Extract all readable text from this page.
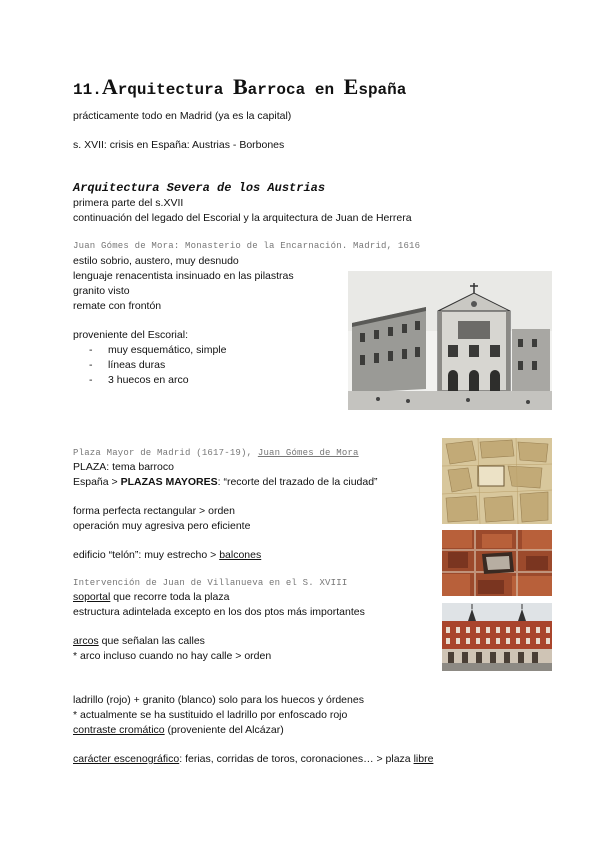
11.Arquitectura Barroca en España
prácticamente todo en Madrid (ya es la capital)
s. XVII: crisis en España: Austrias - Borbones
Arquitectura Severa de los Austrias
primera parte del s.XVII
continuación del legado del Escorial y la arquitectura de Juan de Herrera
Juan Gómes de Mora: Monasterio de la Encarnación. Madrid, 1616
estilo sobrio, austero, muy desnudo
lenguaje renacentista insinuado en las pilastras
granito visto
remate con frontón
proveniente del Escorial:
- muy esquemático, simple
- líneas duras
- 3 huecos en arco
Plaza Mayor de Madrid (1617-19), Juan Gómes de Mora
PLAZA: tema barroco
España > PLAZAS MAYORES: “recorte del trazado de la ciudad”
forma perfecta rectangular > orden
operación muy agresiva pero eficiente
edificio “telón”: muy estrecho > balcones
Intervención de Juan de Villanueva en el S. XVIII
soportal que recorre toda la plaza
estructura adintelada excepto en los dos ptos más importantes
arcos que señalan las calles
* arco incluso cuando no hay calle > orden
ladrillo (rojo) + granito (blanco) solo para los huecos y órdenes
* actualmente se ha sustituido el ladrillo por enfoscado rojo
contraste cromático (proveniente del Alcázar)
carácter escenográfico: ferias, corridas de toros, coronaciones… > plaza libre
